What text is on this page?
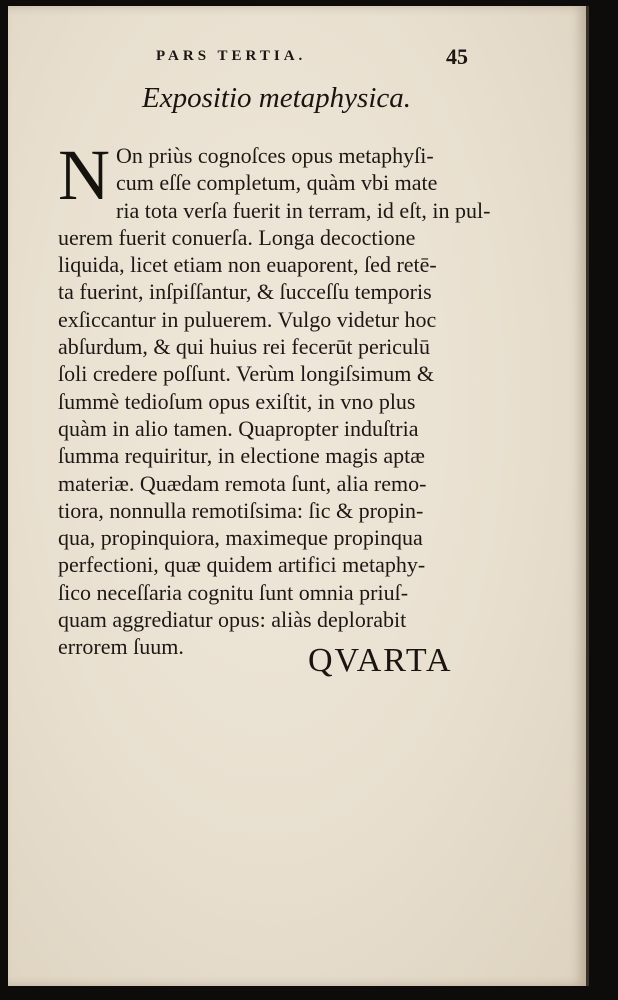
PARS TERTIA.	45
Expositio metaphysica.
N On priùs cognoſces opus metaphyſi-

cum eſſe completum, quàm vbi mate

ria tota verſa fuerit in terram, id eſt, in pul-

uerem fuerit conuerſa. Longa decoctione

liquida, licet etiam non euaporent, ſed retē-

ta fuerint, inſpiſſantur, & ſucceſſu temporis

exſiccantur in puluerem. Vulgo videtur hoc

abſurdum, & qui huius rei fecerūt periculū

ſoli credere poſſunt. Verùm longiſsimum &

ſummè tedioſum opus exiſtit, in vno plus

quàm in alio tamen. Quapropter induſtria

ſumma requiritur, in electione magis aptæ

materiæ. Quædam remota ſunt, alia remo-

tiora, nonnulla remotiſsima: ſic & propin-

qua, propinquiora, maximeque propinqua

perfectioni, quæ quidem artifici metaphy-

ſico neceſſaria cognitu ſunt omnia priuſ-

quam aggrediatur opus: aliàs deplorabit

errorem ſuum.	QVARTA
